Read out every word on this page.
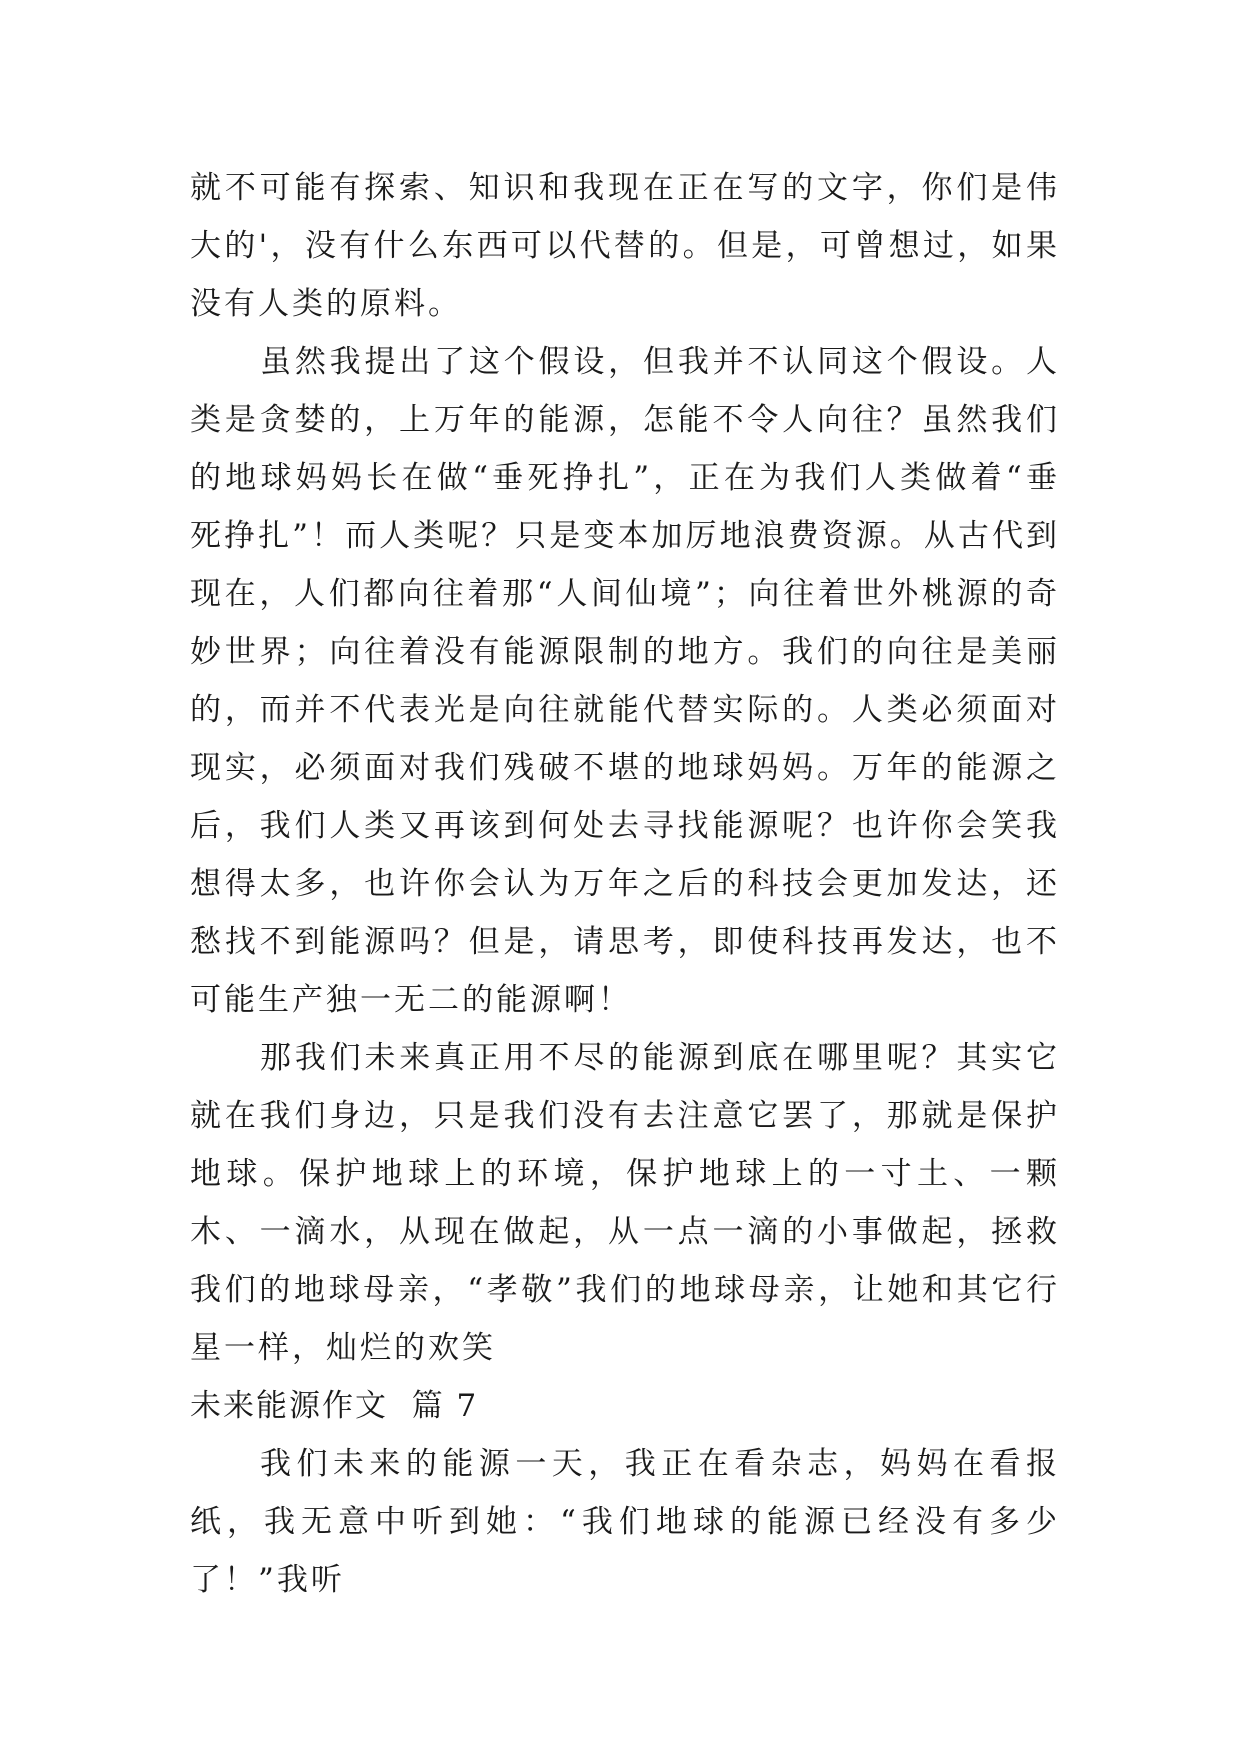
就不可能有探索、知识和我现在正在写的文字，你们是伟大的'，没有什么东西可以代替的。但是，可曾想过，如果没有人类的原料。

虽然我提出了这个假设，但我并不认同这个假设。人类是贪婪的，上万年的能源，怎能不令人向往？虽然我们的地球妈妈长在做“垂死挣扎”，正在为我们人类做着“垂死挣扎”！而人类呢？只是变本加厉地浪费资源。从古代到现在，人们都向往着那“人间仙境”；向往着世外桃源的奇妙世界；向往着没有能源限制的地方。我们的向往是美丽的，而并不代表光是向往就能代替实际的。人类必须面对现实，必须面对我们残破不堪的地球妈妈。万年的能源之后，我们人类又再该到何处去寻找能源呢？也许你会笑我想得太多，也许你会认为万年之后的科技会更加发达，还愁找不到能源吗？但是，请思考，即使科技再发达，也不可能生产独一无二的能源啊！

那我们未来真正用不尽的能源到底在哪里呢？其实它就在我们身边，只是我们没有去注意它罢了，那就是保护地球。保护地球上的环境，保护地球上的一寸土、一颗木、一滴水，从现在做起，从一点一滴的小事做起，拯救我们的地球母亲，“孝敬”我们的地球母亲，让她和其它行星一样，灿烂的欢笑

未来能源作文  篇 7

我们未来的能源一天，我正在看杂志，妈妈在看报纸，我无意中听到她：“我们地球的能源已经没有多少了！”我听
